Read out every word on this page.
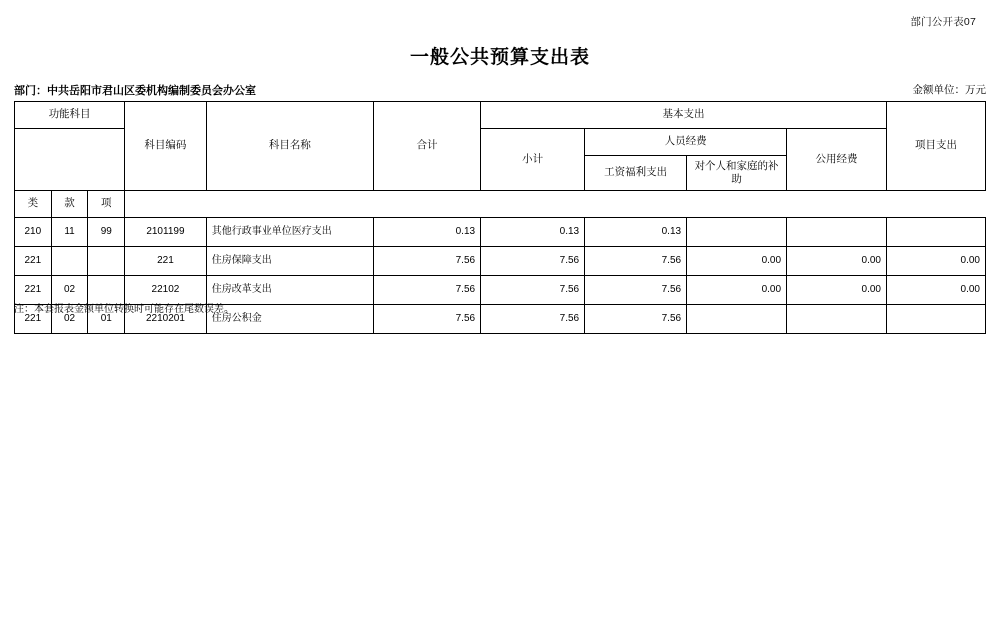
部门公开表07
一般公共预算支出表
部门：中共岳阳市君山区委机构编制委员会办公室	金额单位：万元
功能科目			科目编码	科目名称	合计	基本支出				项目支出
						小计	人员经费		公用经费	
							工资福利支出	对个人和家庭的补助		
类	款	项								
210	11	99	2101199	其他行政事业单位医疗支出	0.13	0.13	0.13			
221			221	住房保障支出	7.56	7.56	7.56	0.00	0.00	0.00
221	02		22102	住房改革支出	7.56	7.56	7.56	0.00	0.00	0.00
221	02	01	2210201	住房公积金	7.56	7.56	7.56			
注：本套报表金额单位转换时可能存在尾数误差。
